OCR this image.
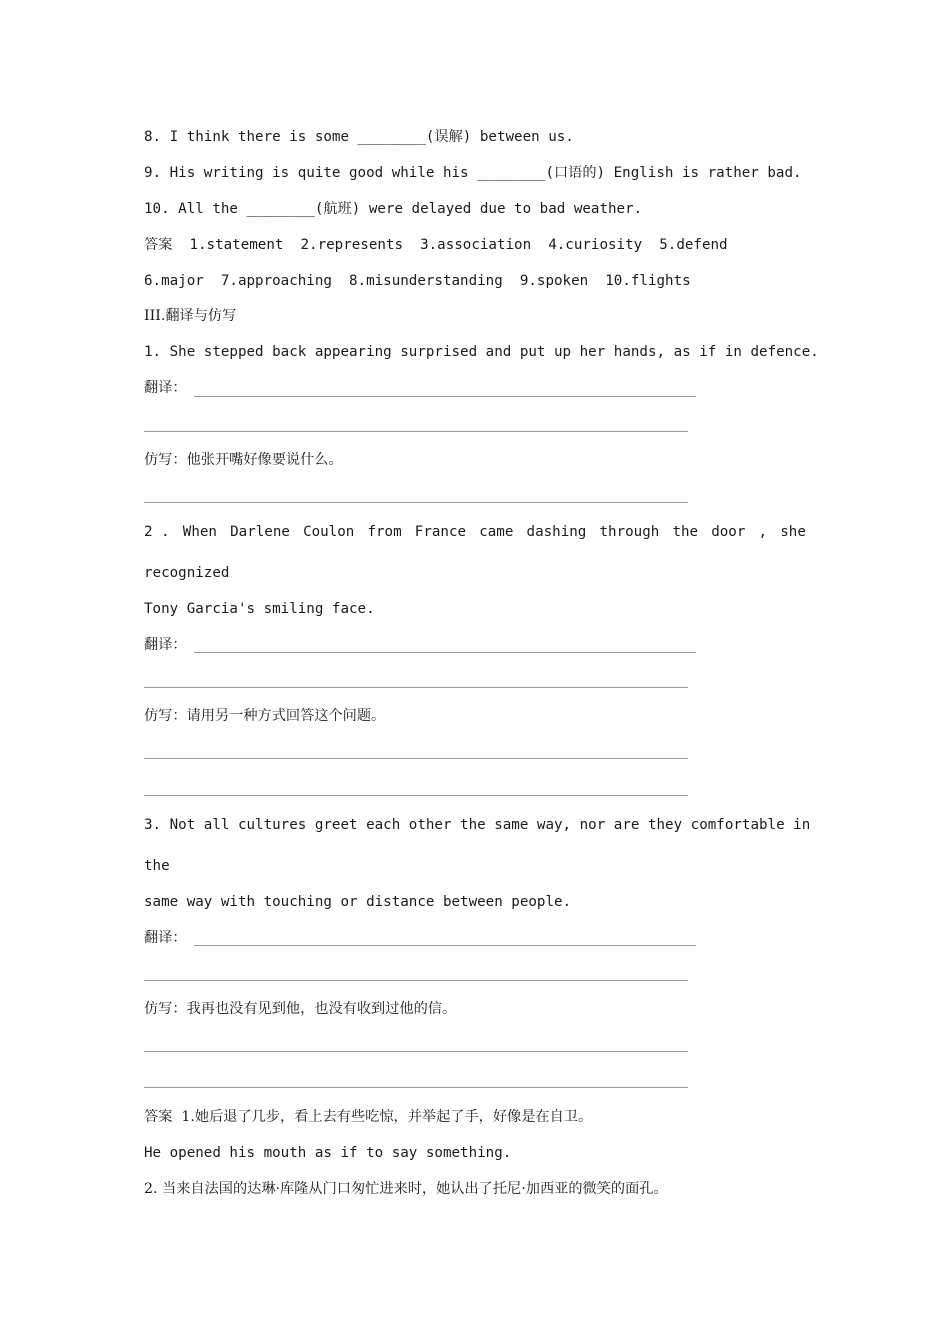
8. I think there is some ________(误解) between us.

9. His writing is quite good while his ________(口语的) English is rather bad.

10. All the ________(航班) were delayed due to bad weather.

答案  1.statement  2.represents  3.association  4.curiosity  5.defend

6.major  7.approaching  8.misunderstanding  9.spoken  10.flights

III.翻译与仿写

1. She stepped back appearing surprised and put up her hands, as if in defence.

翻译：

仿写：他张开嘴好像要说什么。

2 . When Darlene Coulon from France came dashing through the door , she

recognized

Tony Garcia's smiling face.

翻译：

仿写：请用另一种方式回答这个问题。

3. Not all cultures greet each other the same way, nor are they comfortable in

the

same way with touching or distance between people.

翻译：

仿写：我再也没有见到他，也没有收到过他的信。

答案  1.她后退了几步，看上去有些吃惊，并举起了手，好像是在自卫。

He opened his mouth as if to say something.

2. 当来自法国的达琳·库隆从门口匆忙进来时，她认出了托尼·加西亚的微笑的面孔。
